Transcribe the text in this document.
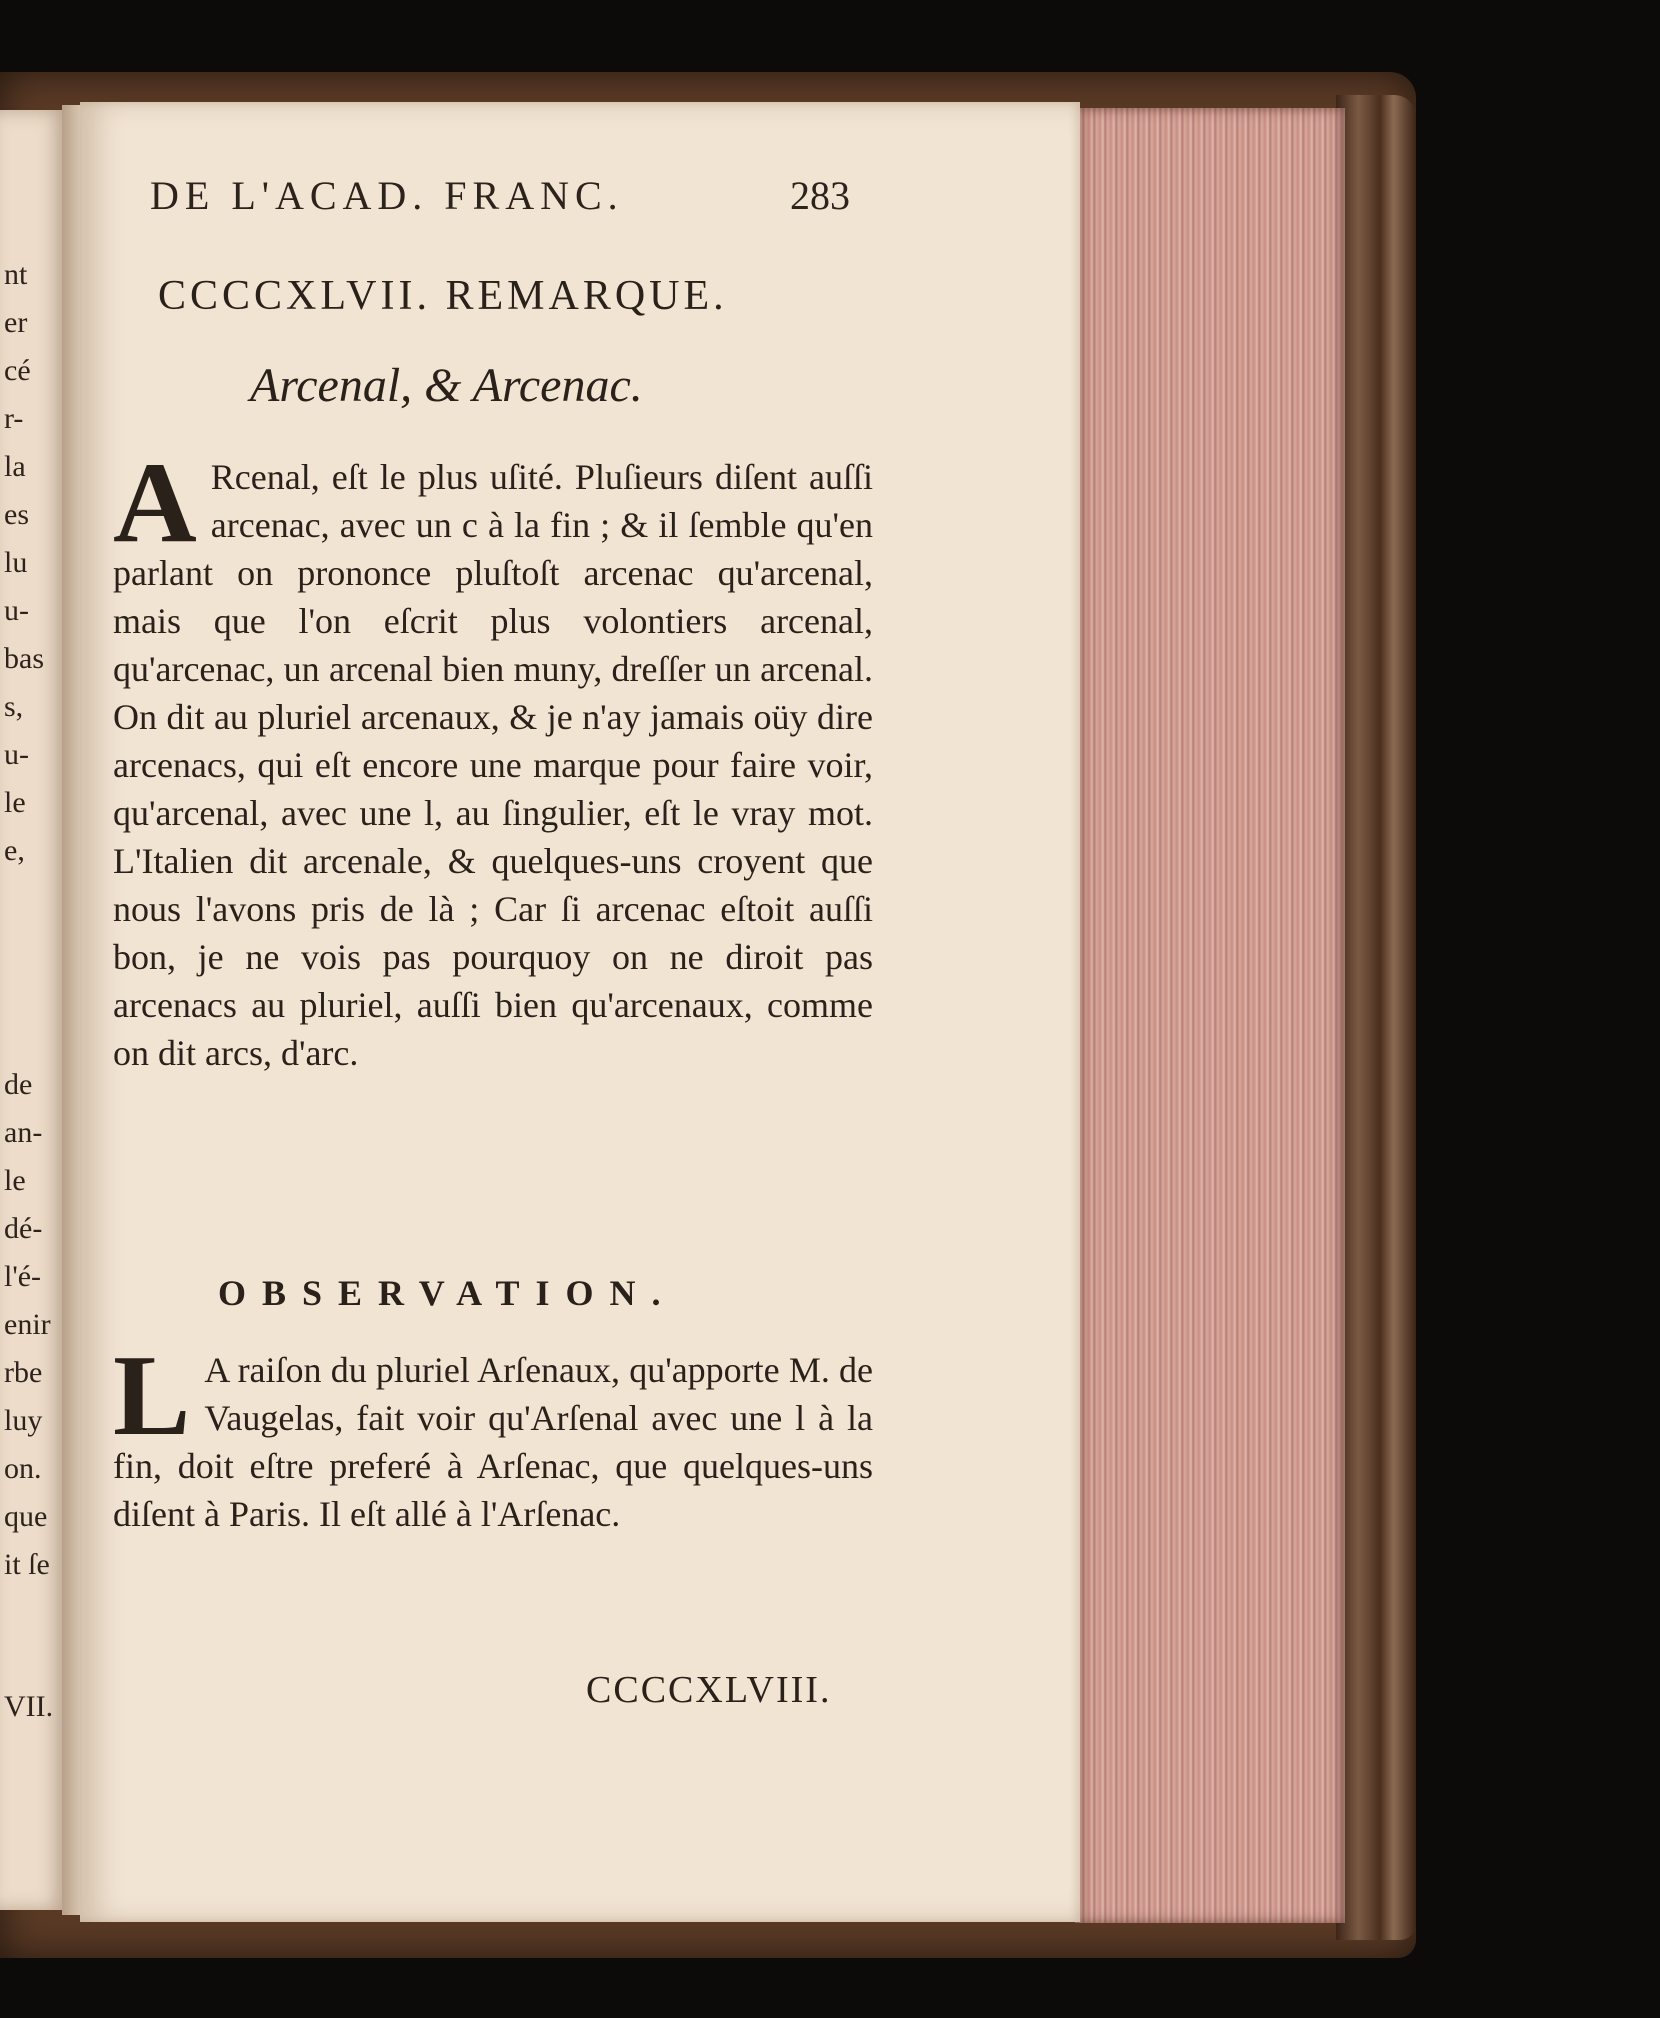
nt
er
cé
r-
la
es
lu
u-
bas
s,
u-
le
e,
de
an-
le
dé-
l'é-
enir
rbe
luy
on.
que
it ſe
VII.
DE L'ACAD. FRANC.	283
CCCCXLVII. REMARQUE.
Arcenal, & Arcenac.
A Rcenal, eſt le plus uſité. Pluſieurs diſent auſſi arcenac, avec un c à la fin ; & il ſemble qu'en parlant on prononce pluſtoſt arcenac qu'arcenal, mais que l'on eſcrit plus volontiers arcenal, qu'arcenac, un arcenal bien muny, dreſſer un arcenal. On dit au pluriel arcenaux, & je n'ay jamais oüy dire arcenacs, qui eſt encore une marque pour faire voir, qu'arcenal, avec une l, au ſingulier, eſt le vray mot. L'Italien dit arcenale, & quelques-uns croyent que nous l'avons pris de là ; Car ſi arcenac eſtoit auſſi bon, je ne vois pas pourquoy on ne diroit pas arcenacs au pluriel, auſſi bien qu'arcenaux, comme on dit arcs, d'arc.
OBSERVATION.
L A raiſon du pluriel Arſenaux, qu'apporte M. de Vaugelas, fait voir qu'Arſenal avec une l à la fin, doit eſtre preferé à Arſenac, que quelques-uns diſent à Paris. Il eſt allé à l'Arſenac.
CCCCXLVIII.
